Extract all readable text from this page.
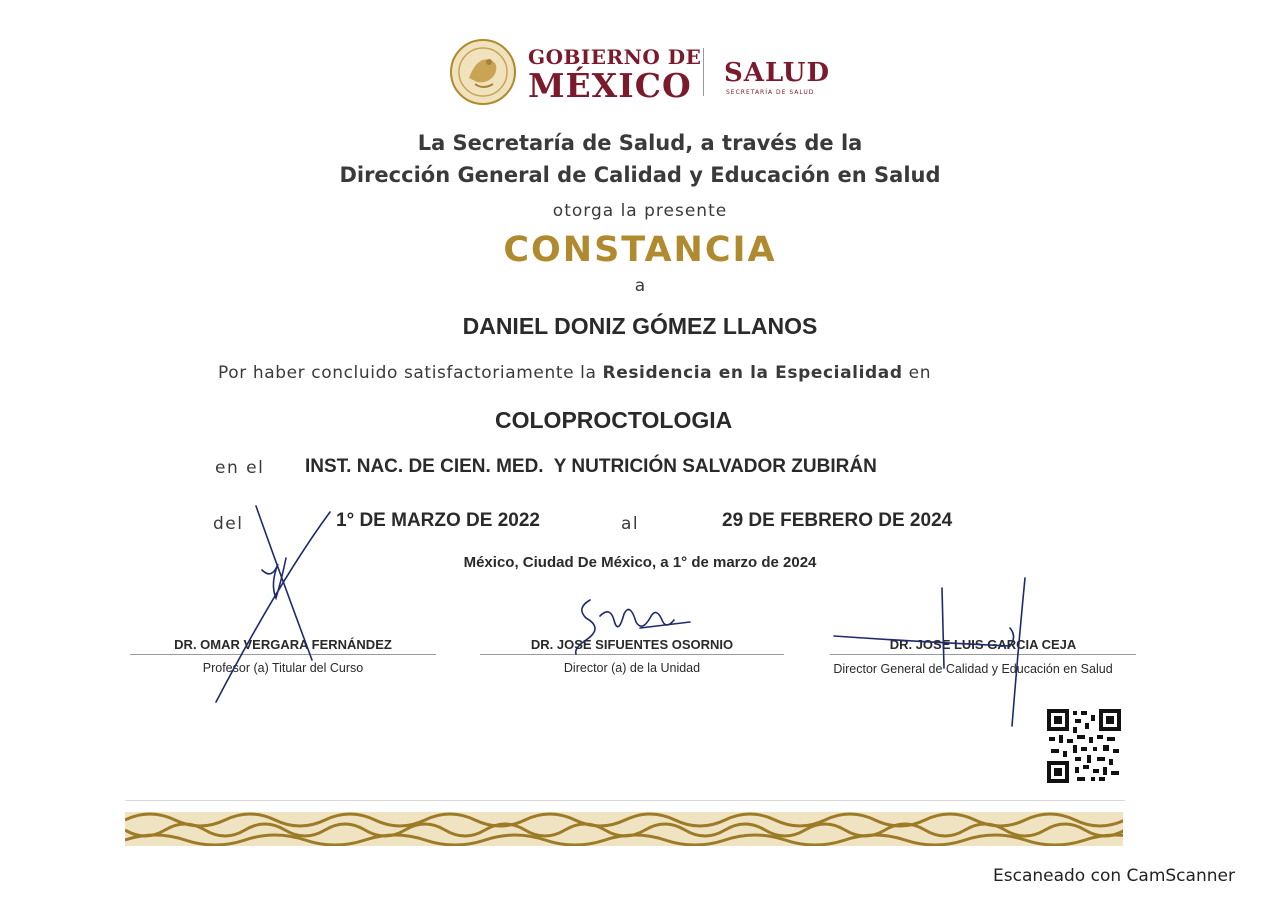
GOBIERNO DE
MÉXICO SALUD
SECRETARÍA DE SALUD
La Secretaría de Salud, a través de la
Dirección General de Calidad y Educación en Salud
otorga la presente
CONSTANCIA
a
DANIEL DONIZ GÓMEZ LLANOS
Por haber concluido satisfactoriamente la Residencia en la Especialidad en
COLOPROCTOLOGIA
en el INST. NAC. DE CIEN. MED.  Y NUTRICIÓN SALVADOR ZUBIRÁN
del	1° DE MARZO DE 2022	al	29 DE FEBRERO DE 2024
México, Ciudad De México, a 1° de marzo de 2024
DR. OMAR VERGARA FERNÁNDEZ
Profesor (a) Titular del Curso
DR. JOSE SIFUENTES OSORNIO
Director (a) de la Unidad
DR. JOSE LUIS GARCIA CEJA
Director General de Calidad y Educación en Salud
Escaneado con CamScanner
